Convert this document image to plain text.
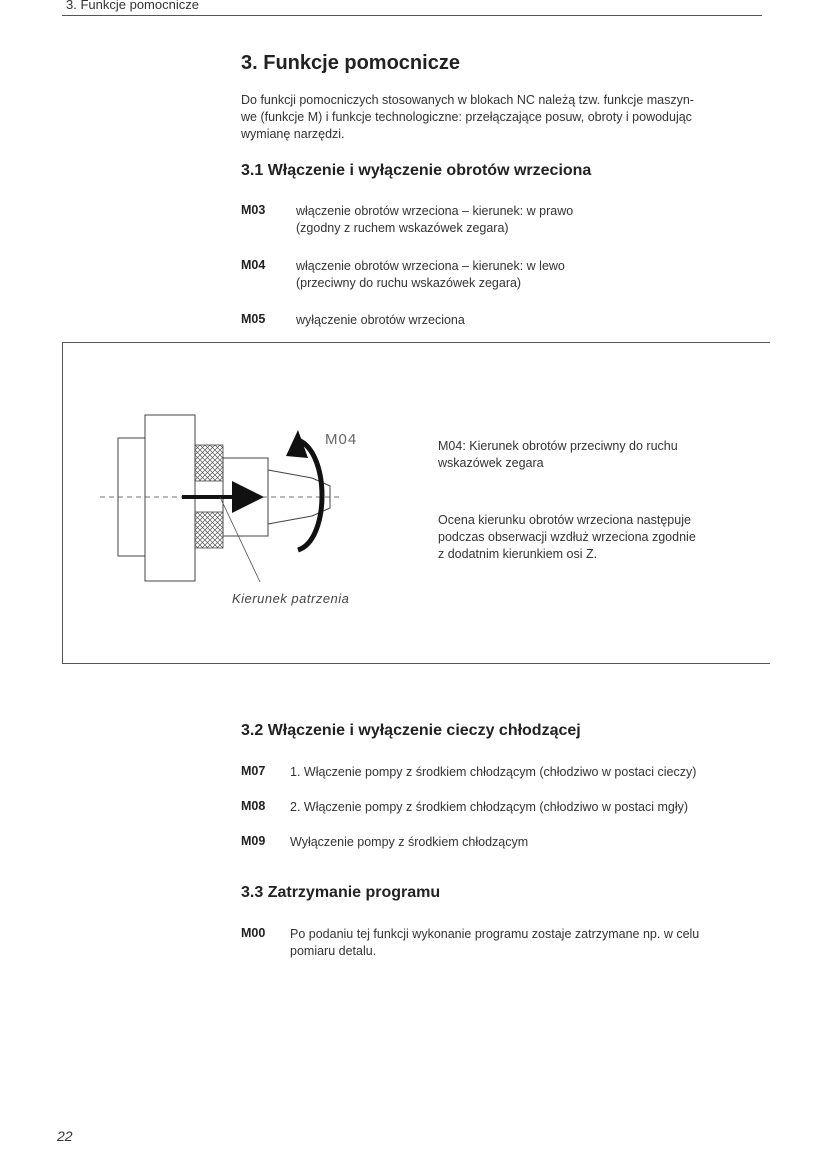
3. Funkcje pomocnicze
3. Funkcje pomocnicze
Do funkcji pomocniczych stosowanych w blokach NC należą tzw. funkcje maszyn-
we (funkcje M) i funkcje technologiczne: przełączające posuw, obroty i powodując
wymianę narzędzi.
3.1 Włączenie i wyłączenie obrotów wrzeciona
M03 włączenie obrotów wrzeciona – kierunek: w prawo
(zgodny z ruchem wskazówek zegara)
M04 włączenie obrotów wrzeciona – kierunek: w lewo
(przeciwny do ruchu wskazówek zegara)
M05 wyłączenie obrotów wrzeciona
M04
Kierunek patrzenia
M04: Kierunek obrotów przeciwny do ruchu
wskazówek zegara
Ocena kierunku obrotów wrzeciona następuje
podczas obserwacji wzdłuż wrzeciona zgodnie
z dodatnim kierunkiem osi Z.
3.2 Włączenie i wyłączenie cieczy chłodzącej
M07 1. Włączenie pompy z środkiem chłodzącym (chłodziwo w postaci cieczy)
M08 2. Włączenie pompy z środkiem chłodzącym (chłodziwo w postaci mgły)
M09 Wyłączenie pompy z środkiem chłodzącym
3.3 Zatrzymanie programu
M00 Po podaniu tej funkcji wykonanie programu zostaje zatrzymane np. w celu
pomiaru detalu.
22
